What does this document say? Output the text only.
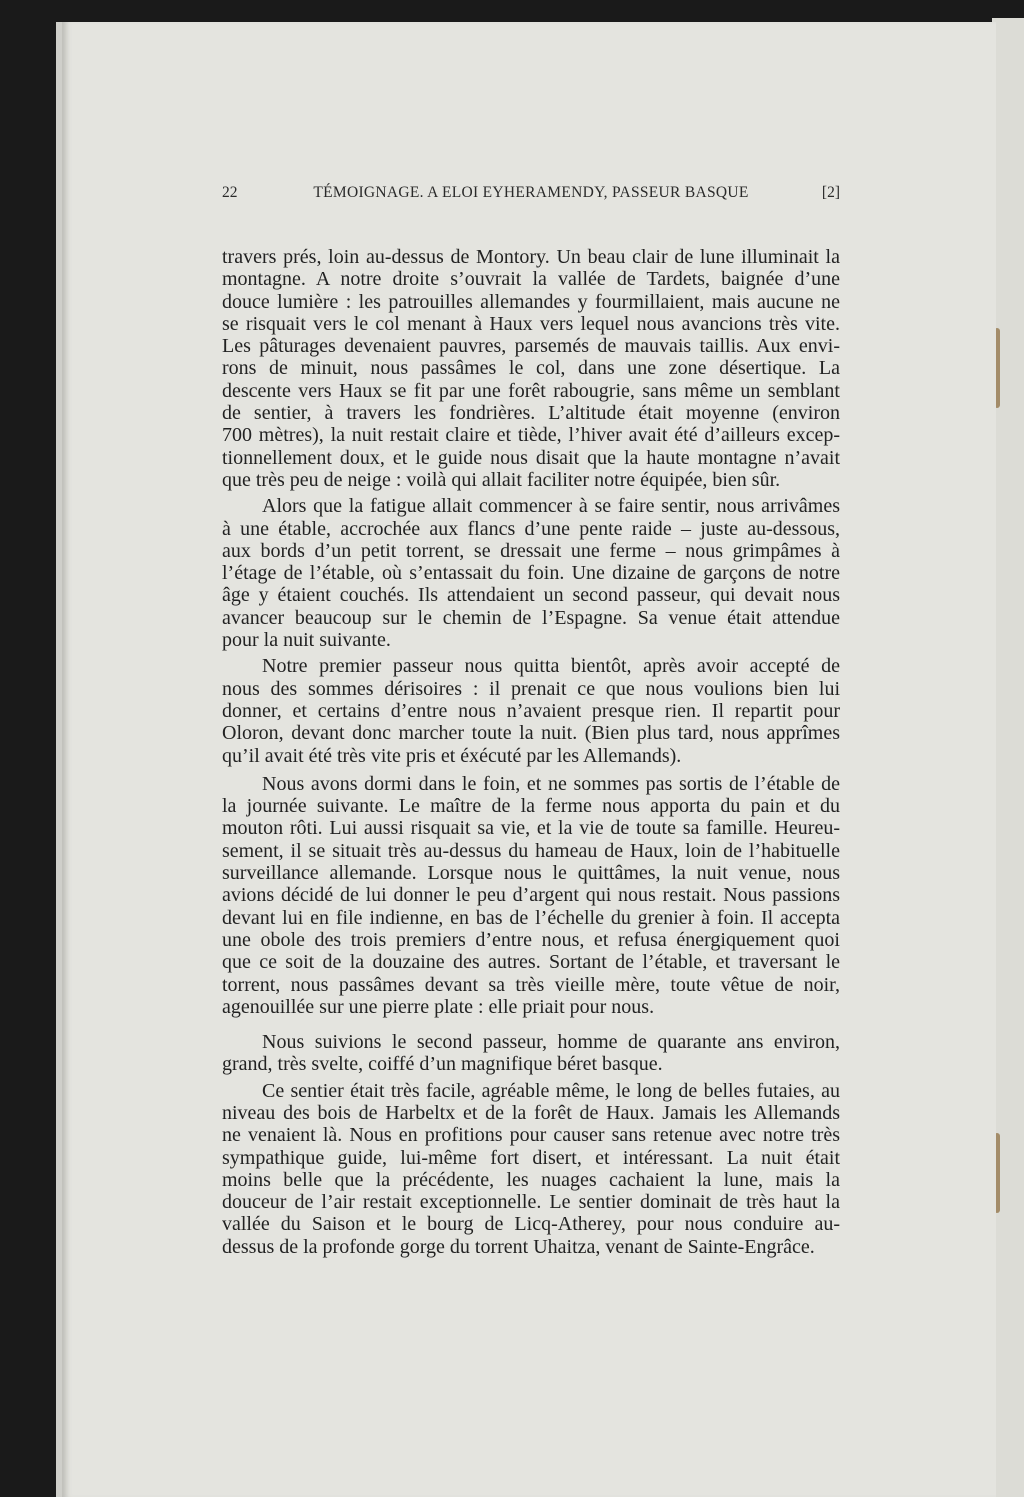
22	TÉMOIGNAGE. A ELOI EYHERAMENDY, PASSEUR BASQUE	[2]
travers prés, loin au-dessus de Montory. Un beau clair de lune illuminait la
montagne. A notre droite s’ouvrait la vallée de Tardets, baignée d’une
douce lumière : les patrouilles allemandes y fourmillaient, mais aucune ne
se risquait vers le col menant à Haux vers lequel nous avancions très vite.
Les pâturages devenaient pauvres, parsemés de mauvais taillis. Aux envi-
rons de minuit, nous passâmes le col, dans une zone désertique. La
descente vers Haux se fit par une forêt rabougrie, sans même un semblant
de sentier, à travers les fondrières. L’altitude était moyenne (environ
700 mètres), la nuit restait claire et tiède, l’hiver avait été d’ailleurs excep-
tionnellement doux, et le guide nous disait que la haute montagne n’avait
que très peu de neige : voilà qui allait faciliter notre équipée, bien sûr.
Alors que la fatigue allait commencer à se faire sentir, nous arrivâmes
à une étable, accrochée aux flancs d’une pente raide – juste au-dessous,
aux bords d’un petit torrent, se dressait une ferme – nous grimpâmes à
l’étage de l’étable, où s’entassait du foin. Une dizaine de garçons de notre
âge y étaient couchés. Ils attendaient un second passeur, qui devait nous
avancer beaucoup sur le chemin de l’Espagne. Sa venue était attendue
pour la nuit suivante.
Notre premier passeur nous quitta bientôt, après avoir accepté de
nous des sommes dérisoires : il prenait ce que nous voulions bien lui
donner, et certains d’entre nous n’avaient presque rien. Il repartit pour
Oloron, devant donc marcher toute la nuit. (Bien plus tard, nous apprîmes
qu’il avait été très vite pris et éxécuté par les Allemands).
Nous avons dormi dans le foin, et ne sommes pas sortis de l’étable de
la journée suivante. Le maître de la ferme nous apporta du pain et du
mouton rôti. Lui aussi risquait sa vie, et la vie de toute sa famille. Heureu-
sement, il se situait très au-dessus du hameau de Haux, loin de l’habituelle
surveillance allemande. Lorsque nous le quittâmes, la nuit venue, nous
avions décidé de lui donner le peu d’argent qui nous restait. Nous passions
devant lui en file indienne, en bas de l’échelle du grenier à foin. Il accepta
une obole des trois premiers d’entre nous, et refusa énergiquement quoi
que ce soit de la douzaine des autres. Sortant de l’étable, et traversant le
torrent, nous passâmes devant sa très vieille mère, toute vêtue de noir,
agenouillée sur une pierre plate : elle priait pour nous.
Nous suivions le second passeur, homme de quarante ans environ,
grand, très svelte, coiffé d’un magnifique béret basque.
Ce sentier était très facile, agréable même, le long de belles futaies, au
niveau des bois de Harbeltx et de la forêt de Haux. Jamais les Allemands
ne venaient là. Nous en profitions pour causer sans retenue avec notre très
sympathique guide, lui-même fort disert, et intéressant. La nuit était
moins belle que la précédente, les nuages cachaient la lune, mais la
douceur de l’air restait exceptionnelle. Le sentier dominait de très haut la
vallée du Saison et le bourg de Licq-Atherey, pour nous conduire au-
dessus de la profonde gorge du torrent Uhaitza, venant de Sainte-Engrâce.
